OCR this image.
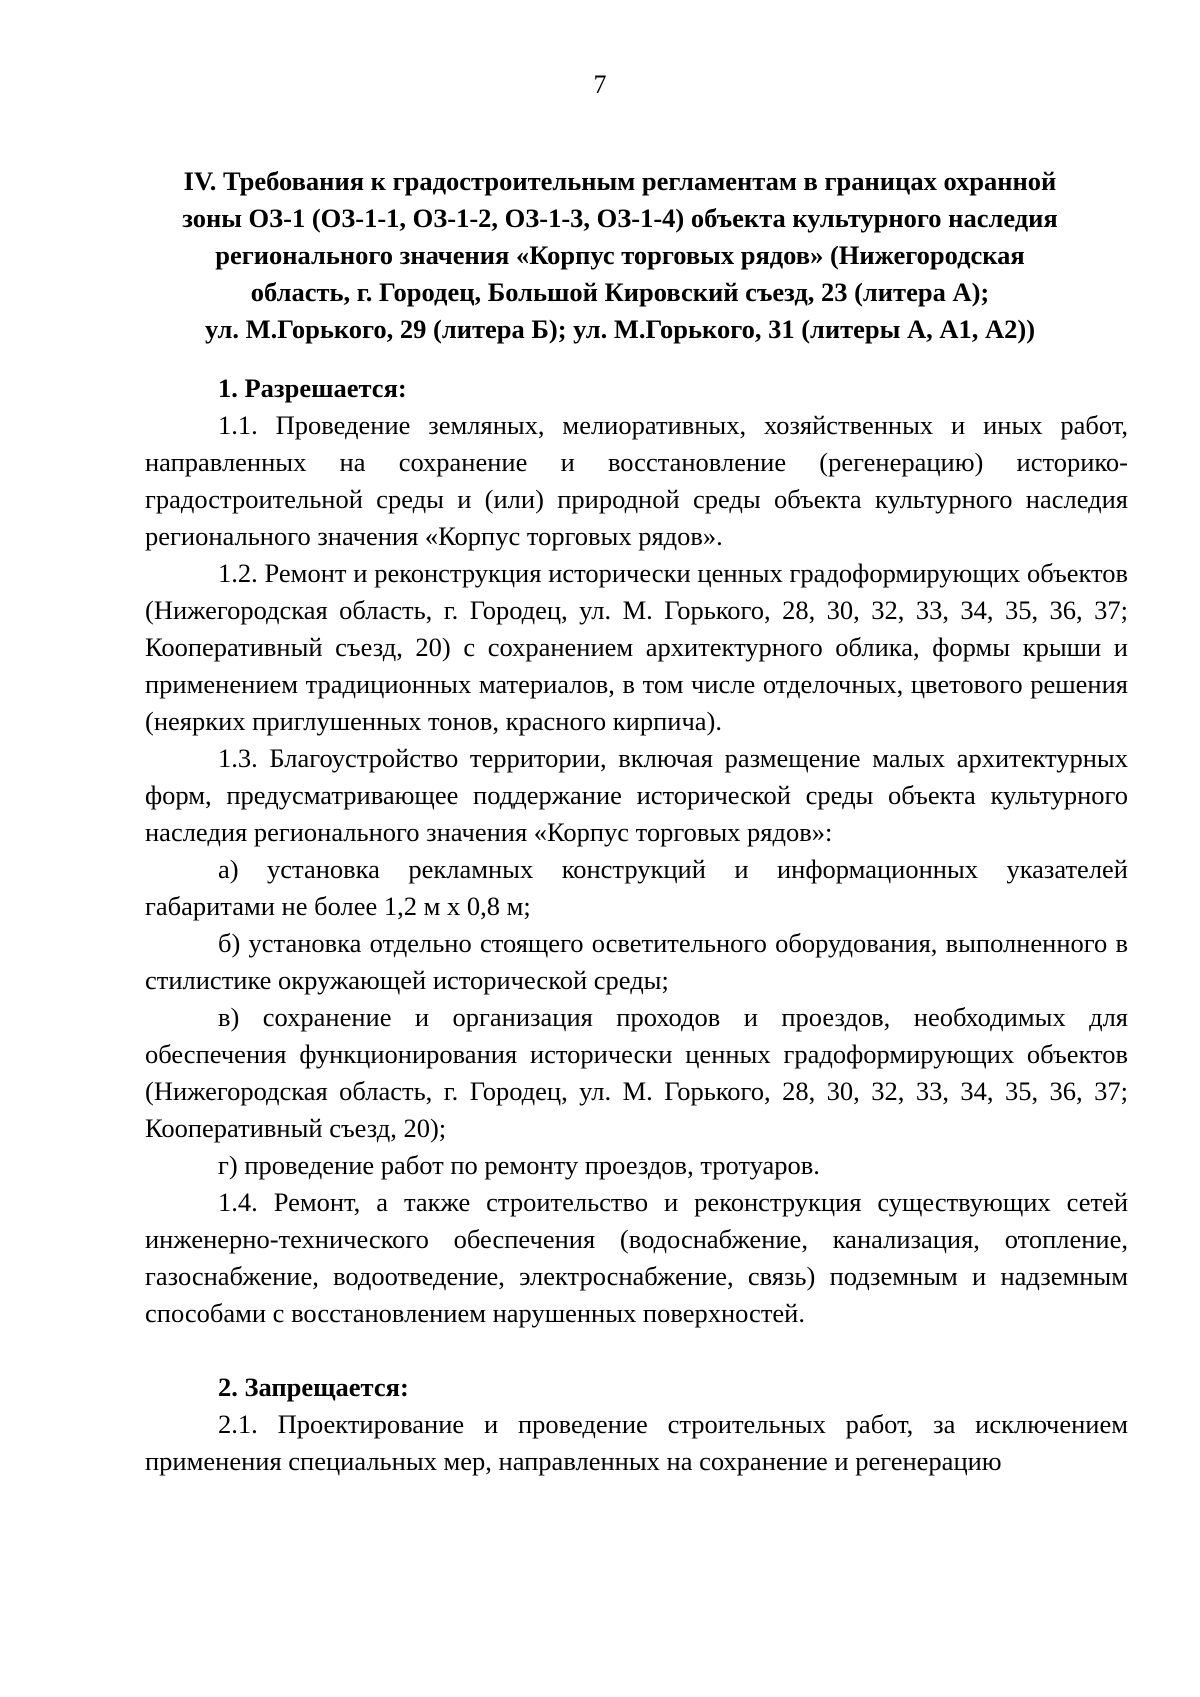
7
IV. Требования к градостроительным регламентам в границах охранной
зоны ОЗ-1 (ОЗ-1-1, ОЗ-1-2, ОЗ-1-3, ОЗ-1-4) объекта культурного наследия
регионального значения «Корпус торговых рядов» (Нижегородская
область, г. Городец, Большой Кировский съезд, 23 (литера А);
ул. М.Горького, 29 (литера Б); ул. М.Горького, 31 (литеры А, А1, А2))

1. Разрешается:

1.1. Проведение земляных, мелиоративных, хозяйственных и иных работ, направленных на сохранение и восстановление (регенерацию) историко-градостроительной среды и (или) природной среды объекта культурного наследия регионального значения «Корпус торговых рядов».

1.2. Ремонт и реконструкция исторически ценных градоформирующих объектов (Нижегородская область, г. Городец, ул. М. Горького, 28, 30, 32, 33, 34, 35, 36, 37; Кооперативный съезд, 20) с сохранением архитектурного облика, формы крыши и применением традиционных материалов, в том числе отделочных, цветового решения (неярких приглушенных тонов, красного кирпича).

1.3. Благоустройство территории, включая размещение малых архитектурных форм, предусматривающее поддержание исторической среды объекта культурного наследия регионального значения «Корпус торговых рядов»:

а) установка рекламных конструкций и информационных указателей габаритами не более 1,2 м х 0,8 м;

б) установка отдельно стоящего осветительного оборудования, выполненного в стилистике окружающей исторической среды;

в) сохранение и организация проходов и проездов, необходимых для обеспечения функционирования исторически ценных градоформирующих объектов (Нижегородская область, г. Городец, ул. М. Горького, 28, 30, 32, 33, 34, 35, 36, 37; Кооперативный съезд, 20);

г) проведение работ по ремонту проездов, тротуаров.

1.4. Ремонт, а также строительство и реконструкция существующих сетей инженерно-технического обеспечения (водоснабжение, канализация, отопление, газоснабжение, водоотведение, электроснабжение, связь) подземным и надземным способами с восстановлением нарушенных поверхностей.

2. Запрещается:

2.1. Проектирование и проведение строительных работ, за исключением применения специальных мер, направленных на сохранение и регенерацию
